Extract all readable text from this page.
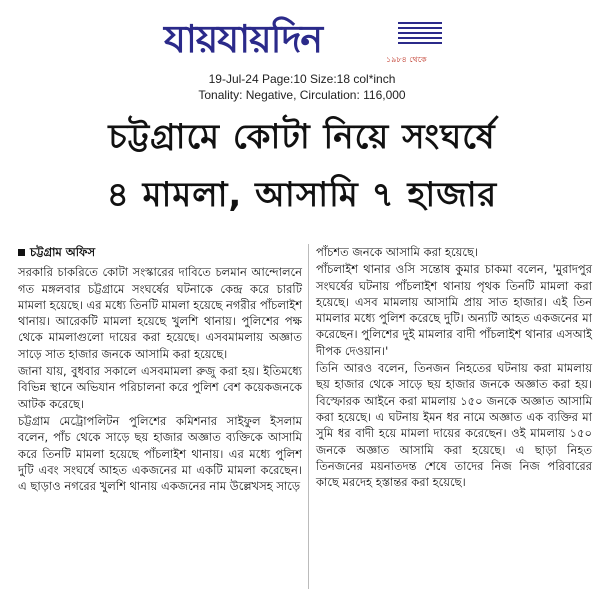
যায়যায়দিন	১৯৮৪ থেকে
19-Jul-24 Page:10 Size:18 col*inch
Tonality: Negative, Circulation: 116,000
চট্টগ্রামে কোটা নিয়ে সংঘর্ষে
৪ মামলা, আসামি ৭ হাজার

চট্টগ্রাম অফিস

সরকারি চাকরিতে কোটা সংস্কারের দাবিতে চলমান আন্দোলনে গত মঙ্গলবার চট্টগ্রামে সংঘর্ষের ঘটনাকে কেন্দ্র করে চারটি মামলা হয়েছে। এর মধ্যে তিনটি মামলা হয়েছে নগরীর পাঁচলাইশ থানায়। আরেকটি মামলা হয়েছে খুলশি থানায়। পুলিশের পক্ষ থেকে মামলাগুলো দায়ের করা হয়েছে। এসবমামলায় অজ্ঞাত সাড়ে সাত হাজার জনকে আসামি করা হয়েছে।

জানা যায়, বুধবার সকালে এসবমামলা রুজু করা হয়। ইতিমধ্যে বিভিন্ন স্থানে অভিযান পরিচালনা করে পুলিশ বেশ কয়েকজনকে আটক করেছে।

চট্টগ্রাম মেট্রোপলিটন পুলিশের কমিশনার সাইফুল ইসলাম বলেন, পাঁচ থেকে সাড়ে ছয় হাজার অজ্ঞাত ব্যক্তিকে আসামি করে তিনটি মামলা হয়েছে পাঁচলাইশ থানায়। এর মধ্যে পুলিশ দুটি এবং সংঘর্ষে আহত একজনের মা একটি মামলা করেছেন। এ ছাড়াও নগরের খুলশি থানায় একজনের নাম উল্লেখসহ সাড়ে

পাঁচশত জনকে আসামি করা হয়েছে।

পাঁচলাইশ থানার ওসি সন্তোষ কুমার চাকমা বলেন, 'মুরাদপুর সংঘর্ষের ঘটনায় পাঁচলাইশ থানায় পৃথক তিনটি মামলা করা হয়েছে। এসব মামলায় আসামি প্রায় সাত হাজার। এই তিন মামলার মধ্যে পুলিশ করেছে দুটি। অন্যটি আহত একজনের মা করেছেন। পুলিশের দুই মামলার বাদী পাঁচলাইশ থানার এসআই দীপক দেওয়ান।'

তিনি আরও বলেন, তিনজন নিহতের ঘটনায় করা মামলায় ছয় হাজার থেকে সাড়ে ছয় হাজার জনকে অজ্ঞাত করা হয়। বিস্ফোরক আইনে করা মামলায় ১৫০ জনকে অজ্ঞাত আসামি করা হয়েছে। এ ঘটনায় ইমন ধর নামে অজ্ঞাত এক ব্যক্তির মা সুমি ধর বাদী হয়ে মামলা দায়ের করেছেন। ওই মামলায় ১৫০ জনকে অজ্ঞাত আসামি করা হয়েছে। এ ছাড়া নিহত তিনজনের ময়নাতদন্ত শেষে তাদের নিজ নিজ পরিবারের কাছে মরদেহ হস্তান্তর করা হয়েছে।
